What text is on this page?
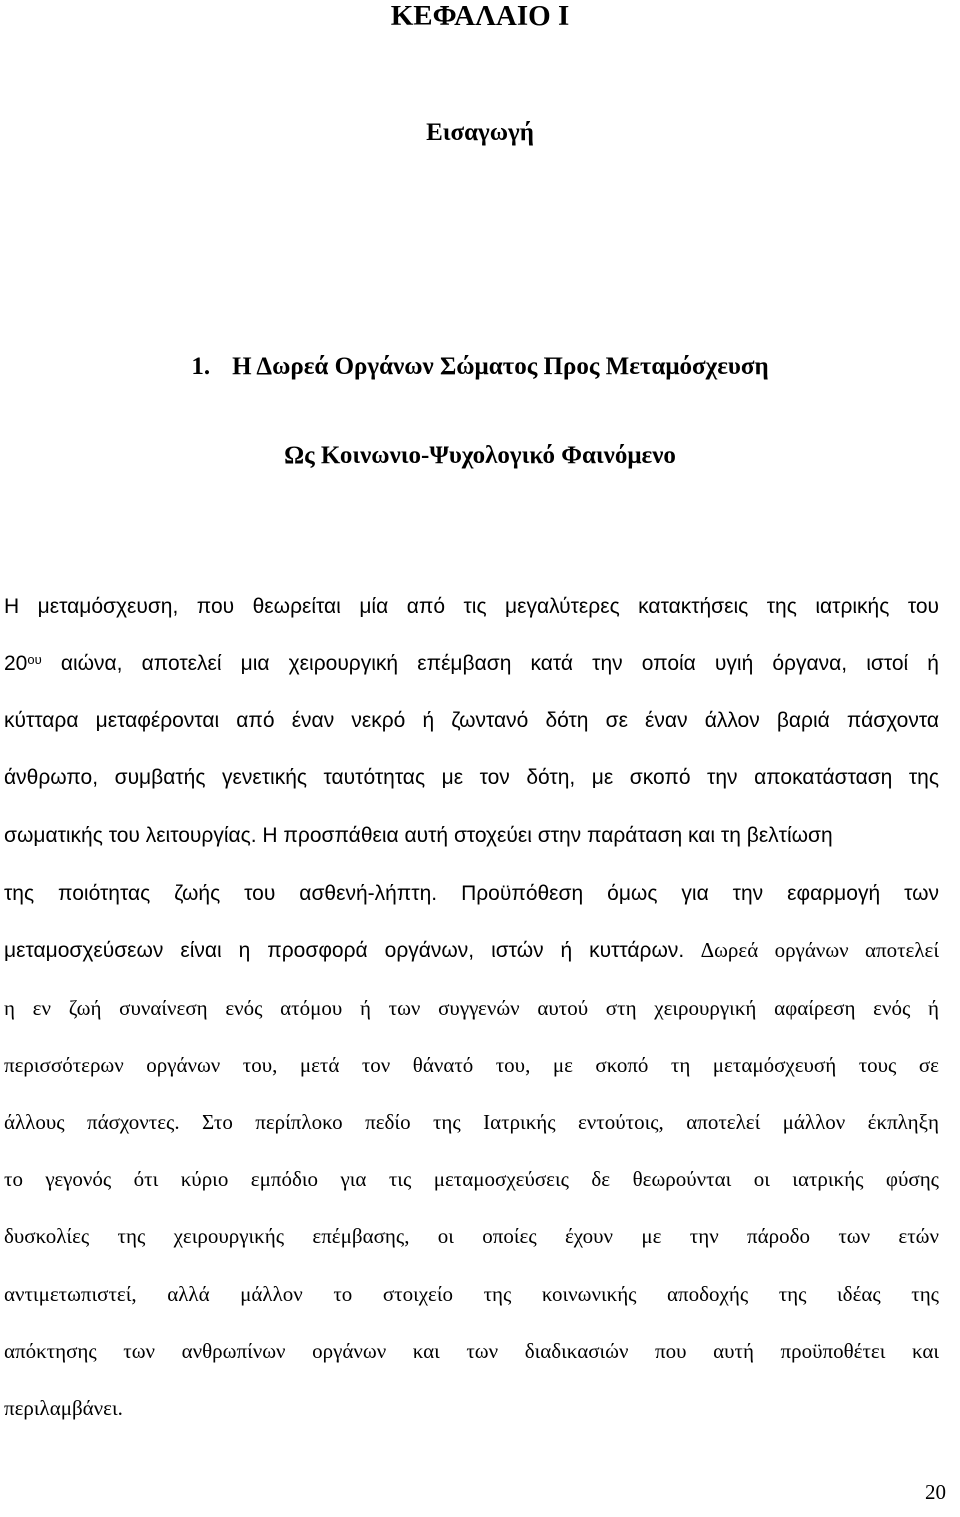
ΚΕΦΑΛΑΙΟ Ι
Εισαγωγή
1. Η Δωρεά Οργάνων Σώματος Προς Μεταμόσχευση
Ως Κοινωνιο-Ψυχολογικό Φαινόμενο
Η μεταμόσχευση, που θεωρείται μία από τις μεγαλύτερες κατακτήσεις της ιατρικής του
$20^{o\upsilon}$ αιώνα, αποτελεί μια χειρουργική επέμβαση κατά την οποία υγιή όργανα, ιστοί ή
κύτταρα μεταφέρονται από έναν νεκρό ή ζωντανό δότη σε έναν άλλον βαριά πάσχοντα
άνθρωπο, συμβατής γενετικής ταυτότητας με τον δότη, με σκοπό την αποκατάσταση της
σωματικής του λειτουργίας. Η προσπάθεια αυτή στοχεύει στην παράταση και τη βελτίωση
της ποιότητας ζωής του ασθενή-λήπτη. Προϋπόθεση όμως για την εφαρμογή των
μεταμοσχεύσεων είναι η προσφορά οργάνων, ιστών ή κυττάρων. Δωρεά οργάνων αποτελεί
η εν ζωή συναίνεση ενός ατόμου ή των συγγενών αυτού στη χειρουργική αφαίρεση ενός ή
περισσότερων οργάνων του, μετά τον θάνατό του, με σκοπό τη μεταμόσχευσή τους σε
άλλους πάσχοντες. Στο περίπλοκο πεδίο της Ιατρικής εντούτοις, αποτελεί μάλλον έκπληξη
το γεγονός ότι κύριο εμπόδιο για τις μεταμοσχεύσεις δε θεωρούνται οι ιατρικής φύσης
δυσκολίες της χειρουργικής επέμβασης, οι οποίες έχουν με την πάροδο των ετών
αντιμετωπιστεί, αλλά μάλλον το στοιχείο της κοινωνικής αποδοχής της ιδέας της
απόκτησης των ανθρωπίνων οργάνων και των διαδικασιών που αυτή προϋποθέτει και
περιλαμβάνει.
20
